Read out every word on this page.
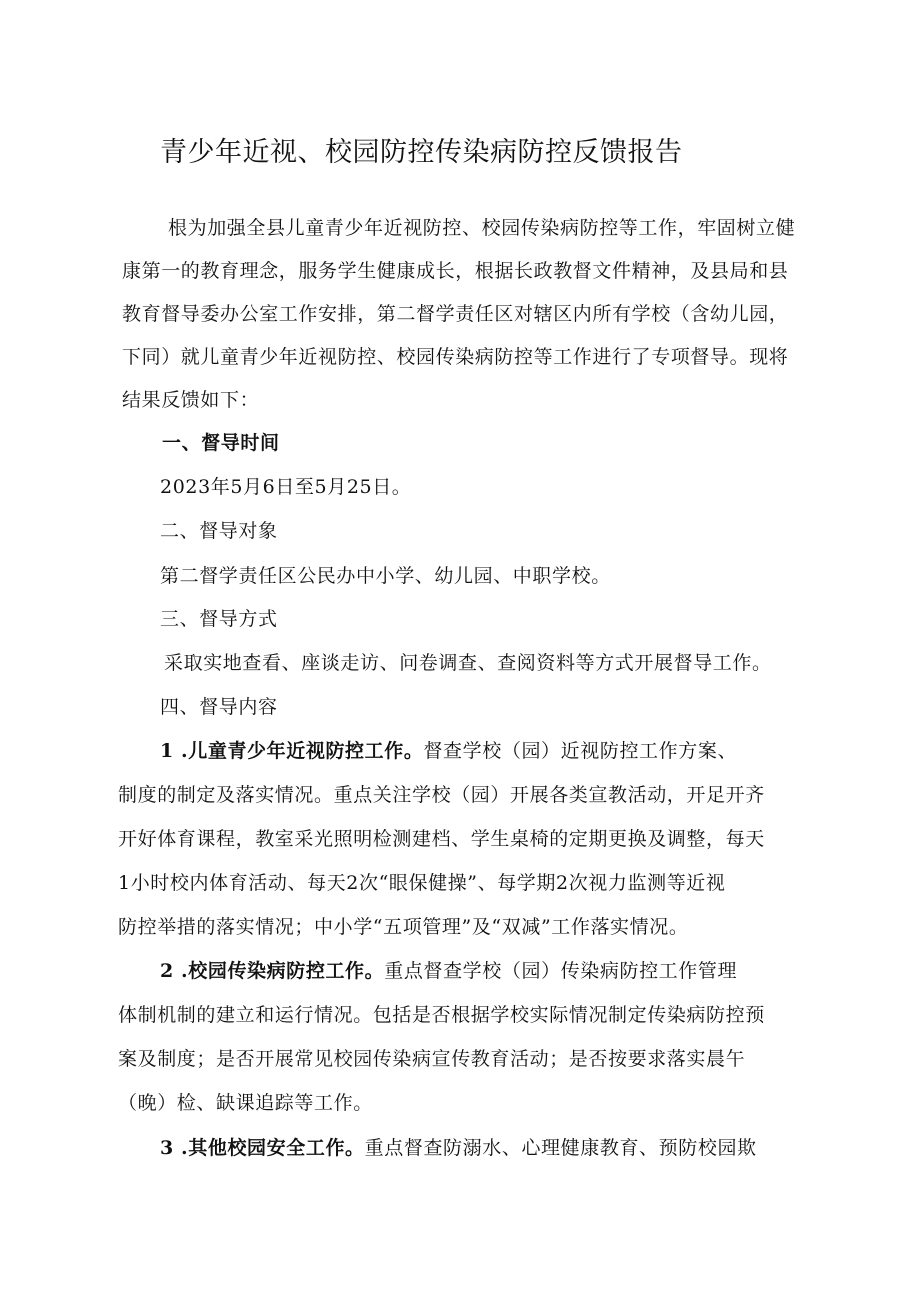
青少年近视、校园防控传染病防控反馈报告
根为加强全县儿童青少年近视防控、校园传染病防控等工作，牢固树立健
康第一的教育理念，服务学生健康成长，根据长政教督文件精神，及县局和县
教育督导委办公室工作安排，第二督学责任区对辖区内所有学校（含幼儿园，
下同）就儿童青少年近视防控、校园传染病防控等工作进行了专项督导。现将
结果反馈如下：
一、督导时间
2023年5月6日至5月25日。
二、督导对象
第二督学责任区公民办中小学、幼儿园、中职学校。
三、督导方式
采取实地查看、座谈走访、问卷调查、查阅资料等方式开展督导工作。
四、督导内容
1 .儿童青少年近视防控工作。督查学校（园）近视防控工作方案、
制度的制定及落实情况。重点关注学校（园）开展各类宣教活动，开足开齐
开好体育课程，教室采光照明检测建档、学生桌椅的定期更换及调整，每天
1小时校内体育活动、每天2次“眼保健操”、每学期2次视力监测等近视
防控举措的落实情况；中小学“五项管理”及“双减”工作落实情况。
2 .校园传染病防控工作。重点督查学校（园）传染病防控工作管理
体制机制的建立和运行情况。包括是否根据学校实际情况制定传染病防控预
案及制度；是否开展常见校园传染病宣传教育活动；是否按要求落实晨午
（晚）检、缺课追踪等工作。
3 .其他校园安全工作。重点督查防溺水、心理健康教育、预防校园欺
